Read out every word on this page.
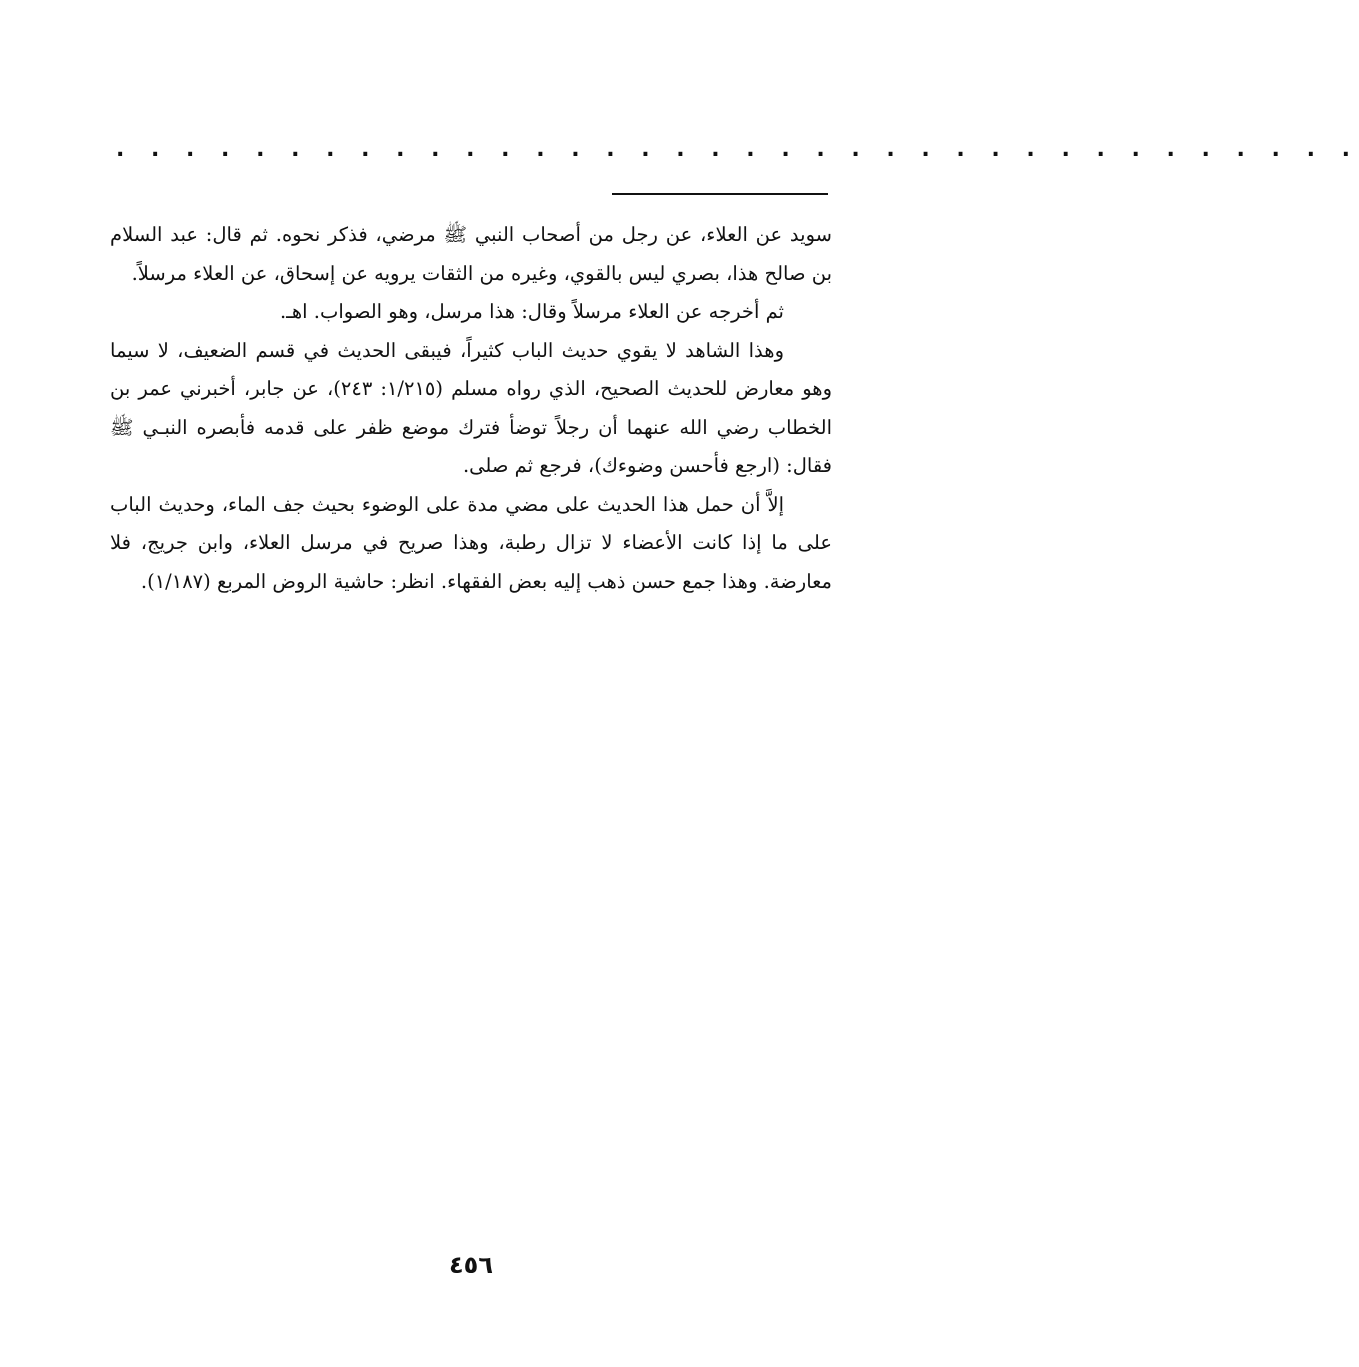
. . . . . . . . . . . . . . . . . . . . . . . . . . . . . . . . . . . .

سويد عن العلاء، عن رجل من أصحاب النبي ﷺ مرضي، فذكر نحوه. ثم قال: عبد السلام بن صالح هذا، بصري ليس بالقوي، وغيره من الثقات يرويه عن إسحاق، عن العلاء مرسلاً.

ثم أخرجه عن العلاء مرسلاً وقال: هذا مرسل، وهو الصواب. اهـ.

وهذا الشاهد لا يقوي حديث الباب كثيراً، فيبقى الحديث في قسم الضعيف، لا سيما وهو معارض للحديث الصحيح، الذي رواه مسلم (١/٢١٥: ٢٤٣)، عن جابر، أخبرني عمر بن الخطاب رضي الله عنهما أن رجلاً توضأ فترك موضع ظفر على قدمه فأبصره النبـي ﷺ فقال: (ارجع فأحسن وضوءك)، فرجع ثم صلى.

إلاَّ أن حمل هذا الحديث على مضي مدة على الوضوء بحيث جف الماء، وحديث الباب على ما إذا كانت الأعضاء لا تزال رطبة، وهذا صريح في مرسل العلاء، وابن جريج، فلا معارضة. وهذا جمع حسن ذهب إليه بعض الفقهاء. انظر: حاشية الروض المربع (١/١٨٧).

٤٥٦
